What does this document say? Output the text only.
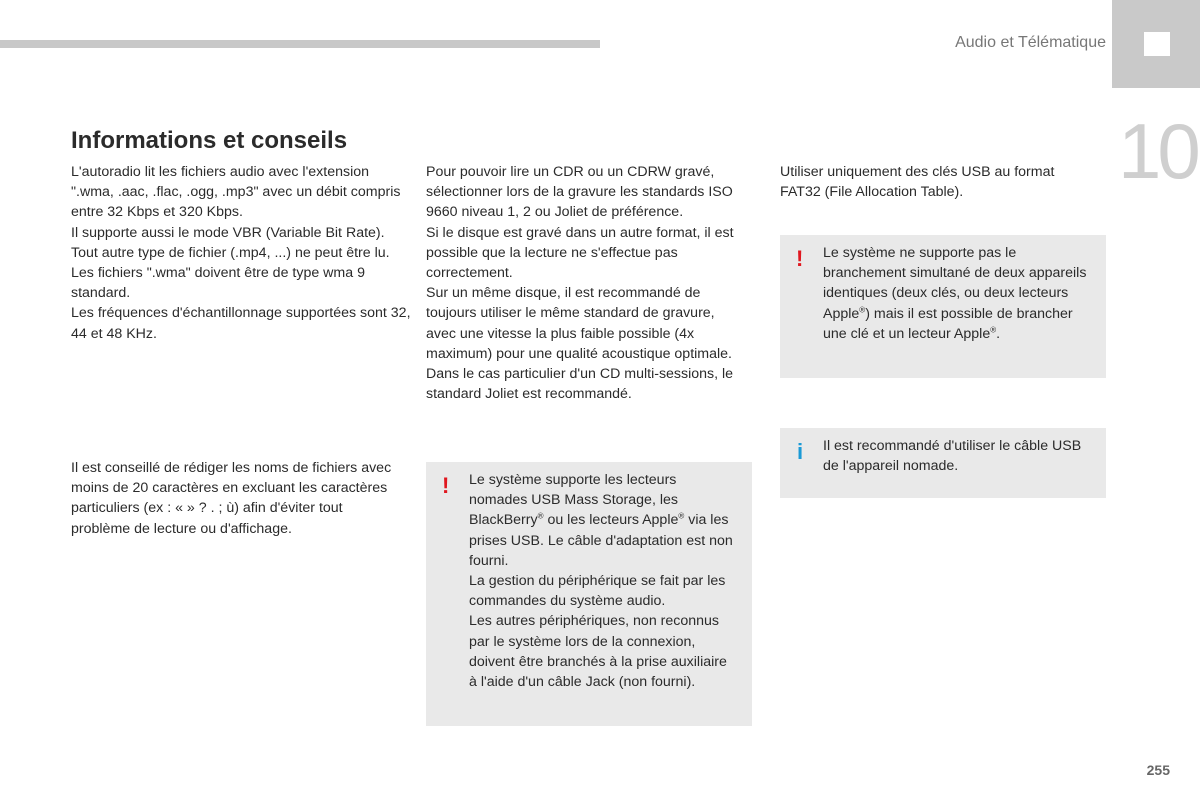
Audio et Télématique
10
Informations et conseils

L'autoradio lit les fichiers audio avec l'extension ".wma, .aac, .flac, .ogg, .mp3" avec un débit compris entre 32 Kbps et 320 Kbps.

Il supporte aussi le mode VBR (Variable Bit Rate).

Tout autre type de fichier (.mp4, ...) ne peut être lu.

Les fichiers ".wma" doivent être de type wma 9 standard.

Les fréquences d'échantillonnage supportées sont 32, 44 et 48 KHz.

Il est conseillé de rédiger les noms de fichiers avec moins de 20 caractères en excluant les caractères particuliers (ex : « » ? . ; ù) afin d'éviter tout problème de lecture ou d'affichage.

Pour pouvoir lire un CDR ou un CDRW gravé, sélectionner lors de la gravure les standards ISO 9660 niveau 1, 2 ou Joliet de préférence.

Si le disque est gravé dans un autre format, il est possible que la lecture ne s'effectue pas correctement.

Sur un même disque, il est recommandé de toujours utiliser le même standard de gravure, avec une vitesse la plus faible possible (4x maximum) pour une qualité acoustique optimale.

Dans le cas particulier d'un CD multi-sessions, le standard Joliet est recommandé.

! Le système supporte les lecteurs nomades USB Mass Storage, les BlackBerry® ou les lecteurs Apple® via les prises USB. Le câble d'adaptation est non fourni.

La gestion du périphérique se fait par les commandes du système audio.

Les autres périphériques, non reconnus par le système lors de la connexion, doivent être branchés à la prise auxiliaire à l'aide d'un câble Jack (non fourni).

Utiliser uniquement des clés USB au format FAT32 (File Allocation Table).

! Le système ne supporte pas le branchement simultané de deux appareils identiques (deux clés, ou deux lecteurs Apple®) mais il est possible de brancher une clé et un lecteur Apple®.

i Il est recommandé d'utiliser le câble USB de l'appareil nomade.

255
